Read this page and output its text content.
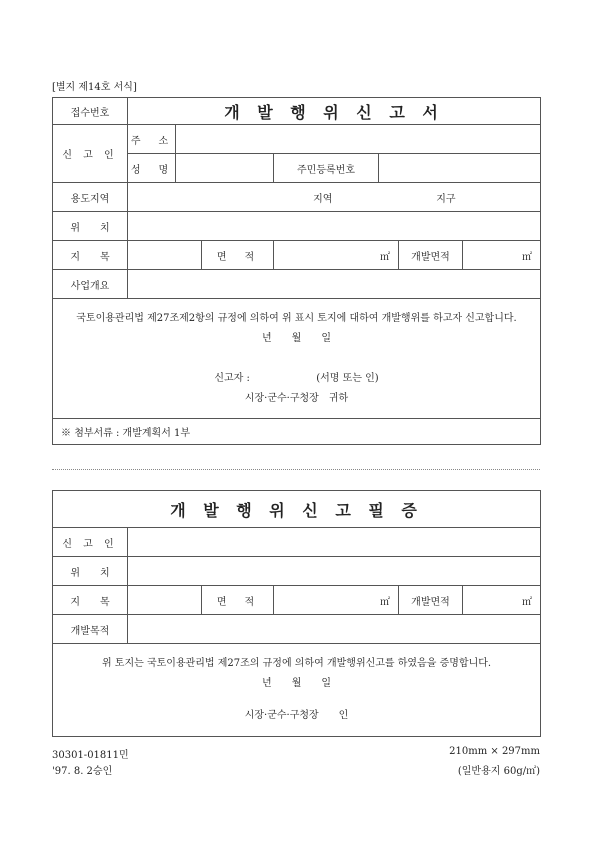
[별지 제14호 서식]
접수번호	개 발 행 위 신 고 서						
신 고 인	주　소						
	성　명			주민등록번호			
용도지역	지역 지구						
위　　치							
지　　목			면　적	㎡		개발면적	㎡
사업개요							

국토이용관리법 제27조제2항의 규정에 의하여 위 표시 토지에 대하여 개발행위를 하고자 신고합니다.
년　　월　　일
신고자 : (서명 또는 인)
시장·군수·구청장　귀하							

※ 첨부서류 : 개발계획서 1부							
개 발 행 위 신 고 필 증					
신 고 인					
위　　치					
지　　목		면　적	㎡	개발면적	㎡
개발목적					

위 토지는 국토이용관리법 제27조의 규정에 의하여 개발행위신고를 하였음을 증명합니다.
년　　월　　일
시장·군수·구청장　　인					
30301-01811민
'97. 8. 2승인
210mm × 297mm
(일반용지 60g/㎡)
